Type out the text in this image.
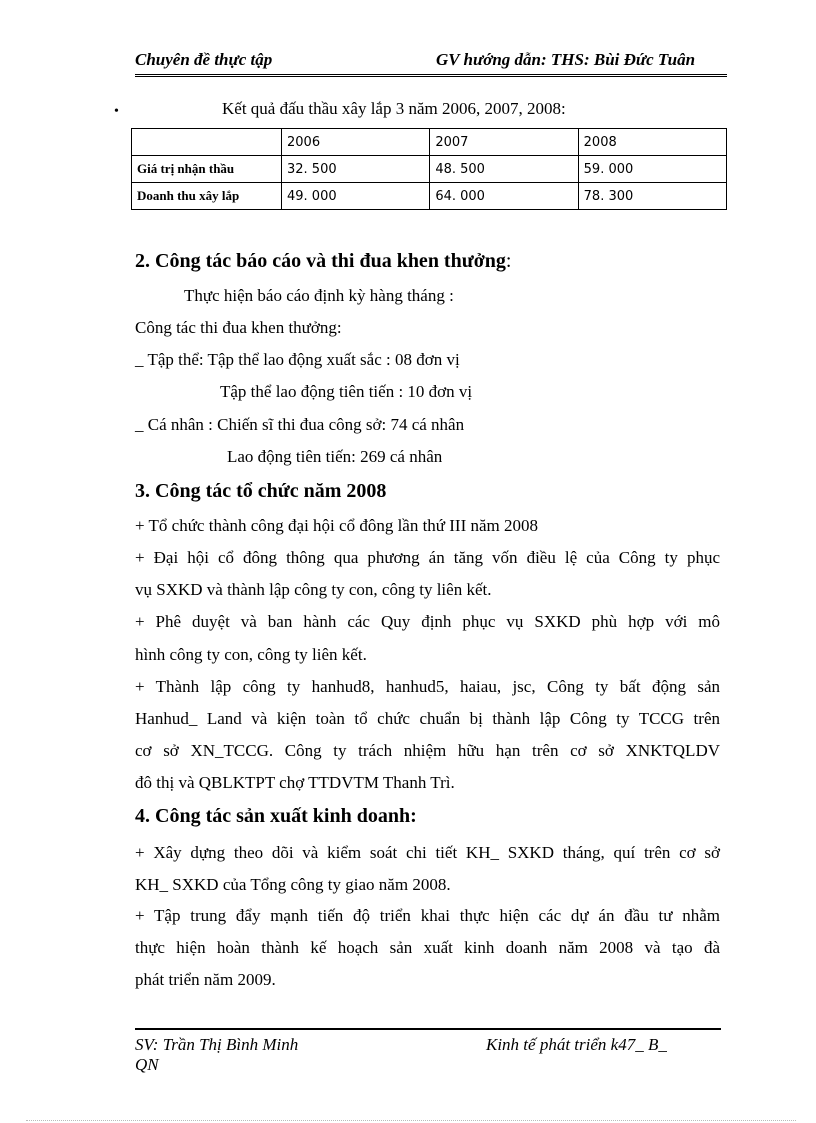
Chuyên đề thực tập	GV hướng dẫn: THS: Bùi Đức Tuân
•	Kết quả đấu thầu xây lắp 3 năm 2006, 2007, 2008:
	2006	2007	2008
Giá trị nhận thầu	32. 500	48. 500	59. 000
Doanh thu xây lắp	49. 000	64. 000	78. 300
2. Công tác báo cáo và thi đua khen thưởng:
Thực hiện báo cáo định kỳ hàng tháng :
Công tác thi đua khen thưởng:
_ Tập thể: Tập thể lao động xuất sắc : 08 đơn vị
Tập thể lao động tiên tiến : 10 đơn vị
_ Cá nhân : Chiến sĩ thi đua công sở: 74 cá nhân
Lao động tiên tiến: 269 cá nhân
3. Công tác tổ chức năm 2008
+ Tổ chức thành công đại hội cổ đông lần thứ III năm 2008
+ Đại hội cổ đông thông qua phương án tăng vốn điều lệ của Công ty phục
vụ SXKD và thành lập công ty con, công ty liên kết.
+ Phê duyệt và ban hành các Quy định phục vụ SXKD phù hợp với mô
hình công ty con, công ty liên kết.
+ Thành lập công ty hanhud8, hanhud5, haiau, jsc, Công ty bất động sản
Hanhud_ Land và kiện toàn tổ chức chuẩn bị thành lập Công ty TCCG trên
cơ sở XN_TCCG. Công ty trách nhiệm hữu hạn trên cơ sở XNKTQLDV
đô thị và QBLKTPT chợ TTDVTM Thanh Trì.
4. Công tác sản xuất kinh doanh:
+ Xây dựng theo dõi và kiểm soát chi tiết KH_ SXKD tháng, quí trên cơ sở
KH_ SXKD của Tổng công ty giao năm 2008.
+ Tập trung đẩy mạnh tiến độ triển khai thực hiện các dự án đầu tư nhằm
thực hiện hoàn thành kế hoạch sản xuất kinh doanh năm 2008 và tạo đà
phát triển năm 2009.
SV: Trần Thị Bình Minh
QN
Kinh tế phát triển k47_ B_
